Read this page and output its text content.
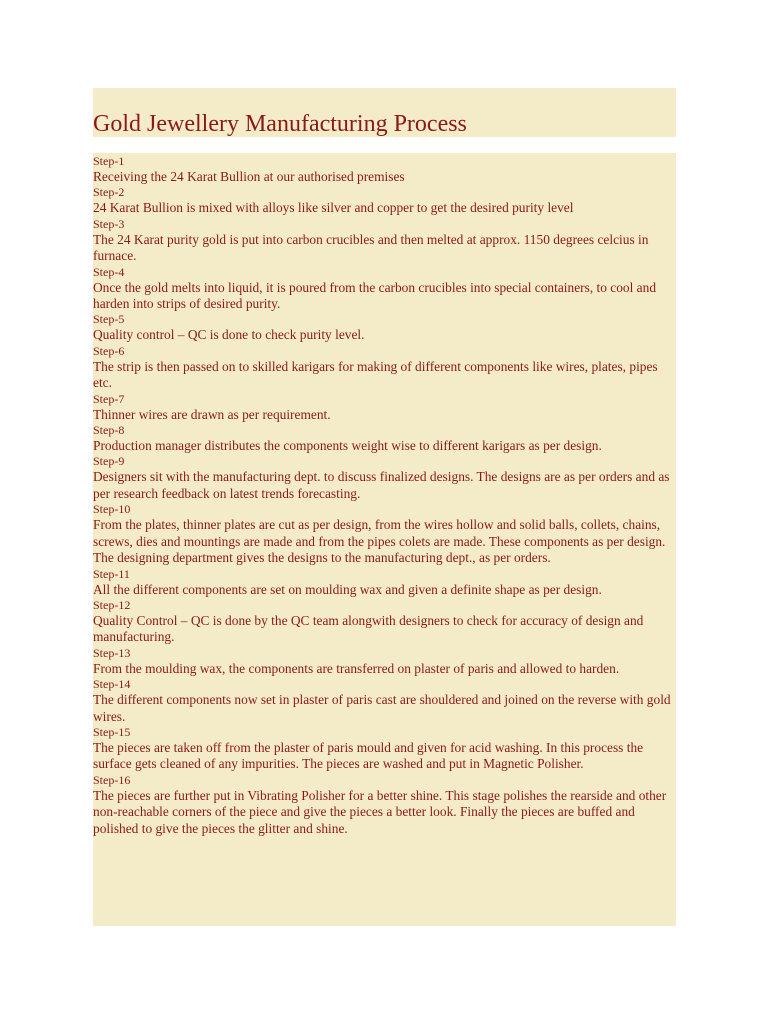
Gold Jewellery Manufacturing Process
Step-1
Receiving the 24 Karat Bullion at our authorised premises
Step-2
24 Karat Bullion is mixed with alloys like silver and copper to get the desired purity level
Step-3
The 24 Karat purity gold is put into carbon crucibles and then melted at approx. 1150 degrees celcius in furnace.
Step-4
Once the gold melts into liquid, it is poured from the carbon crucibles into special containers, to cool and harden into strips of desired purity.
Step-5
Quality control – QC is done to check purity level.
Step-6
The strip is then passed on to skilled karigars for making of different components like wires, plates, pipes etc.
Step-7
Thinner wires are drawn as per requirement.
Step-8
Production manager distributes the components weight wise to different karigars as per design.
Step-9
Designers sit with the manufacturing dept. to discuss finalized designs. The designs are as per orders and as per research feedback on latest trends forecasting.
Step-10
From the plates, thinner plates are cut as per design, from the wires hollow and solid balls, collets, chains, screws, dies and mountings are made and from the pipes colets are made. These components as per design. The designing department gives the designs to the manufacturing dept., as per orders.
Step-11
All the different components are set on moulding wax and given a definite shape as per design.
Step-12
Quality Control – QC is done by the QC team alongwith designers to check for accuracy of design and manufacturing.
Step-13
From the moulding wax, the components are transferred on plaster of paris and allowed to harden.
Step-14
The different components now set in plaster of paris cast are shouldered and joined on the reverse with gold wires.
Step-15
The pieces are taken off from the plaster of paris mould and given for acid washing. In this process the surface gets cleaned of any impurities. The pieces are washed and put in Magnetic Polisher.
Step-16
The pieces are further put in Vibrating Polisher for a better shine. This stage polishes the rearside and other non-reachable corners of the piece and give the pieces a better look. Finally the pieces are buffed and polished to give the pieces the glitter and shine.
